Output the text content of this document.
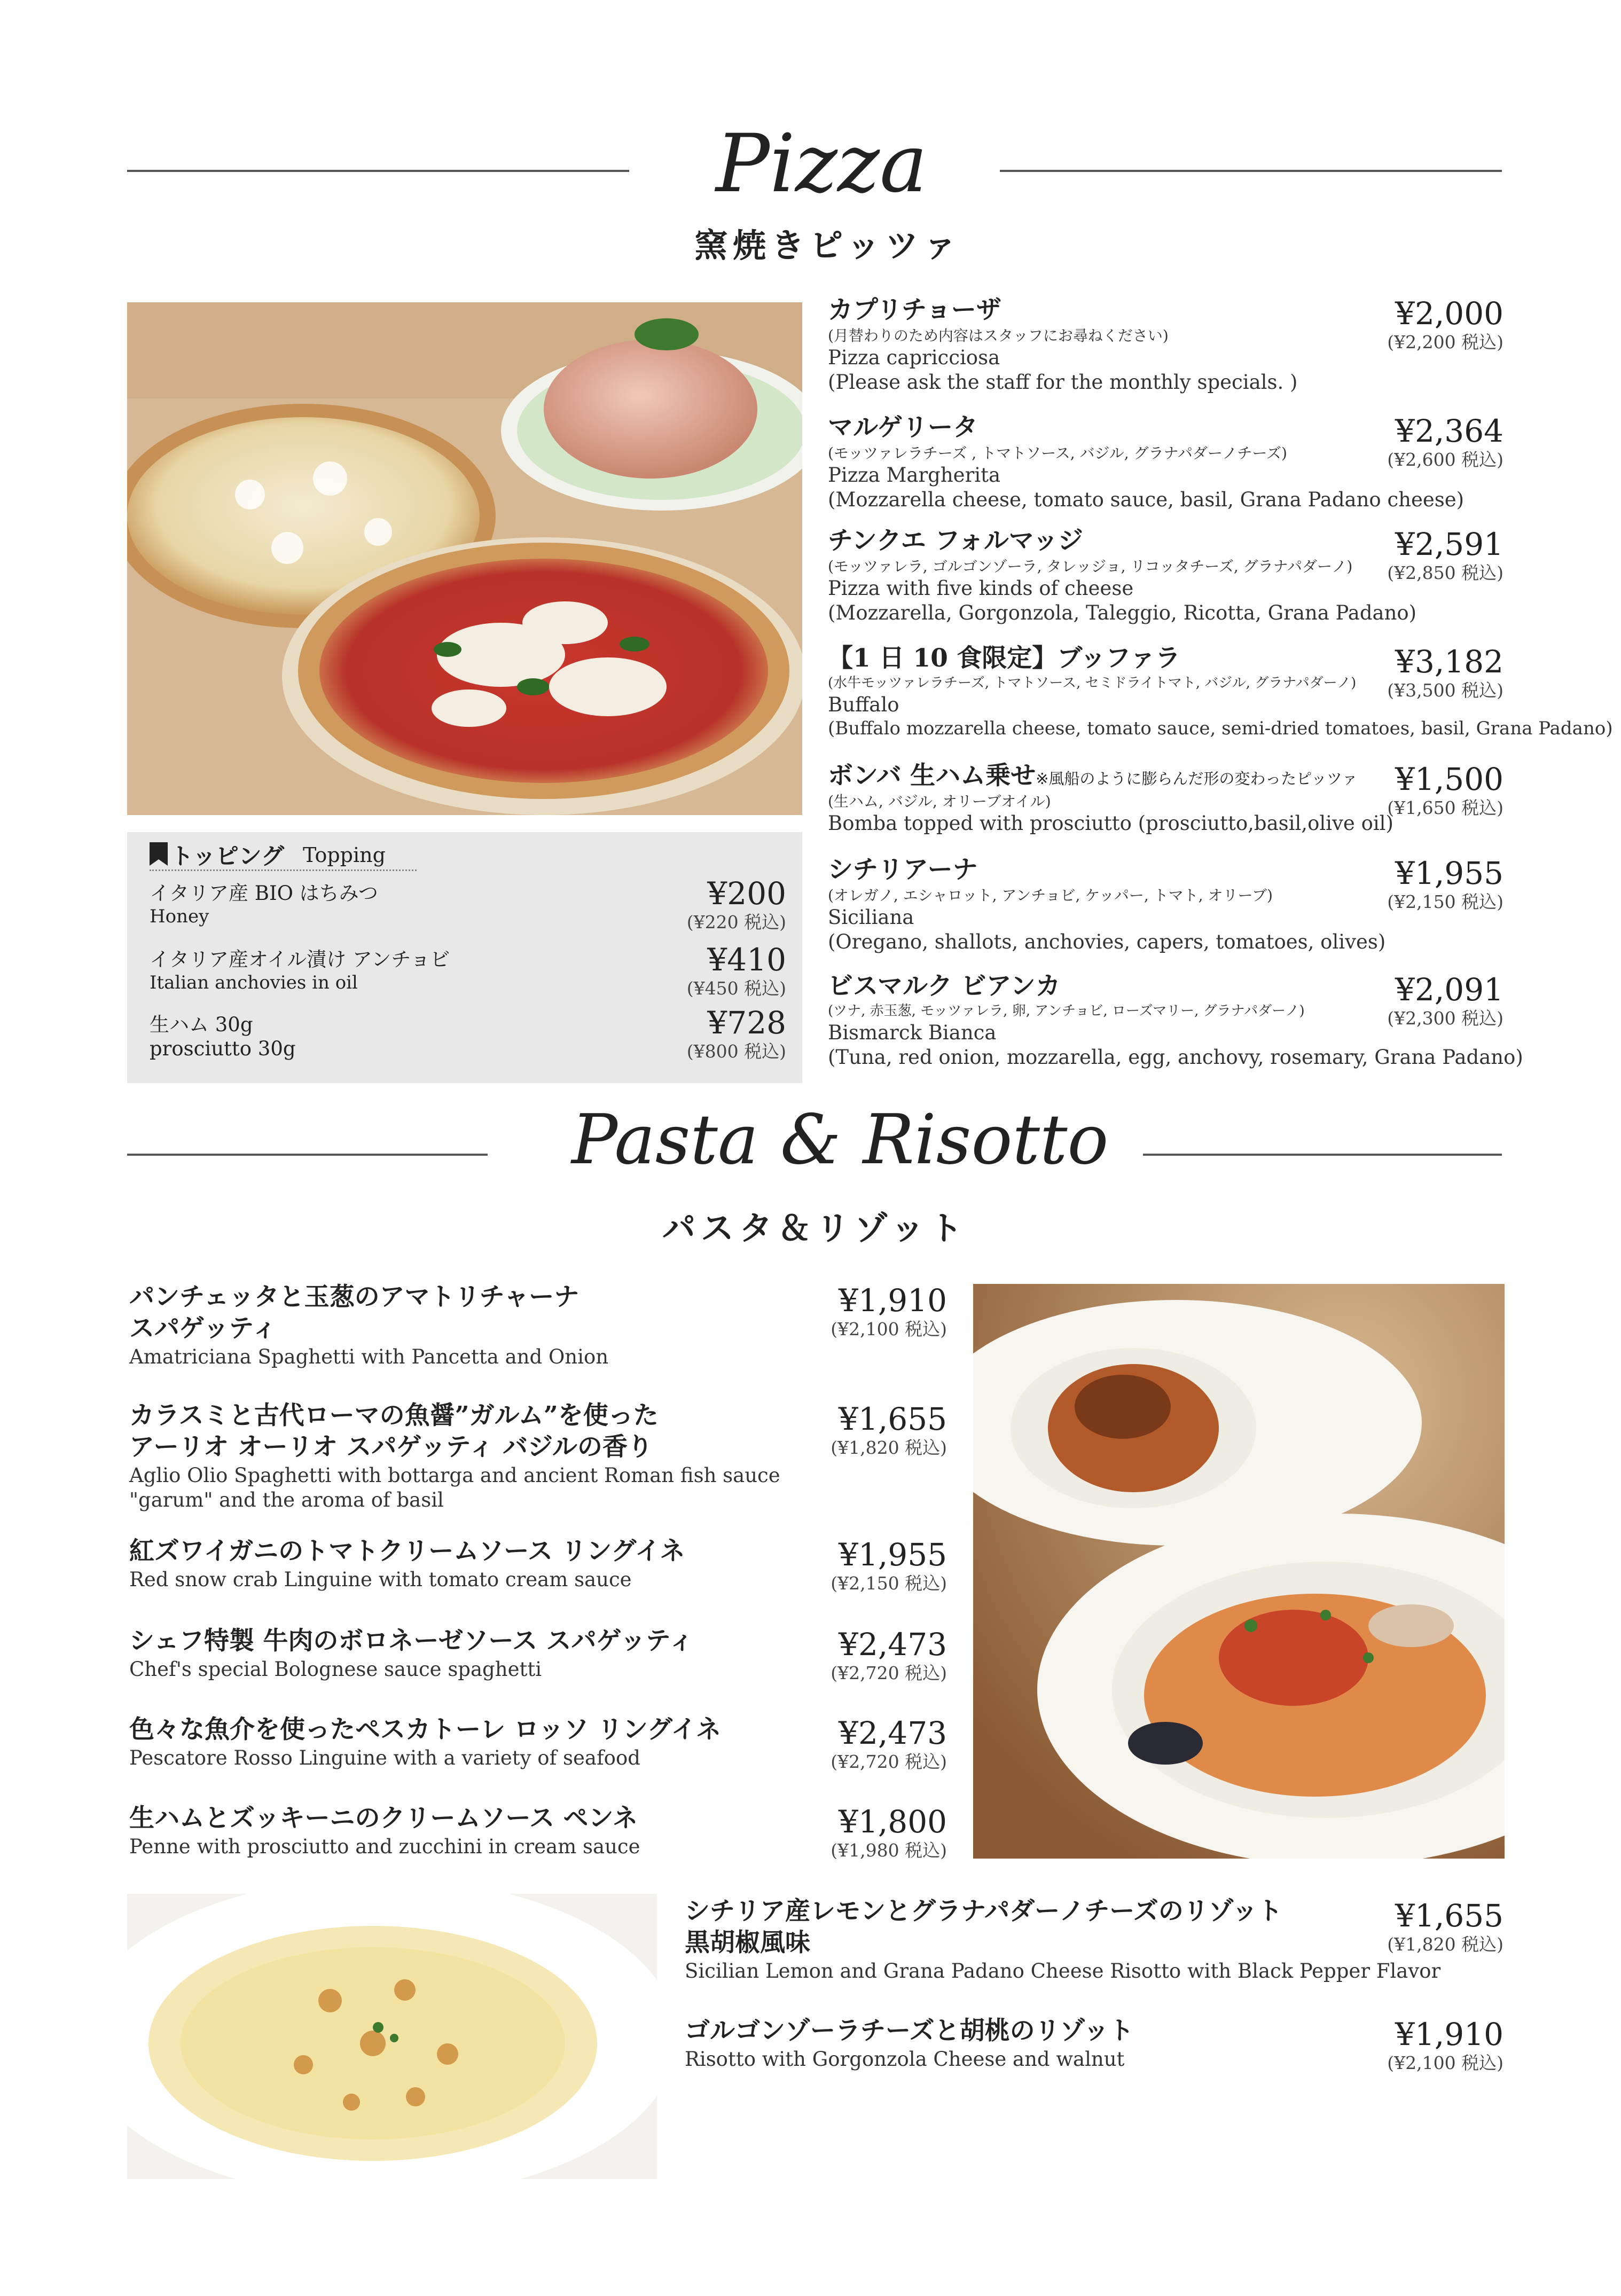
Pizza
窯焼きピッツァ
トッピング Topping
イタリア産 BIO はちみつ
Honey
¥200
(¥220 税込)
イタリア産オイル漬け アンチョビ
Italian anchovies in oil
¥410
(¥450 税込)
生ハム 30g
prosciutto 30g
¥728
(¥800 税込)
カプリチョーザ
(月替わりのため内容はスタッフにお尋ねください)
Pizza capricciosa
(Please ask the staff for the monthly specials. )
¥2,000
(¥2,200 税込)
マルゲリータ
(モッツァレラチーズ , トマトソース, バジル, グラナパダーノチーズ)
Pizza Margherita
(Mozzarella cheese, tomato sauce, basil, Grana Padano cheese)
¥2,364
(¥2,600 税込)
チンクエ フォルマッジ
(モッツァレラ, ゴルゴンゾーラ, タレッジョ, リコッタチーズ, グラナパダーノ)
Pizza with five kinds of cheese
(Mozzarella, Gorgonzola, Taleggio, Ricotta, Grana Padano)
¥2,591
(¥2,850 税込)
【1 日 10 食限定】ブッファラ
(水牛モッツァレラチーズ, トマトソース, セミドライトマト, バジル, グラナパダーノ)
Buffalo
(Buffalo mozzarella cheese, tomato sauce, semi-dried tomatoes, basil, Grana Padano)
¥3,182
(¥3,500 税込)
ボンバ 生ハム乗せ※風船のように膨らんだ形の変わったピッツァ
(生ハム, バジル, オリーブオイル)
Bomba topped with prosciutto (prosciutto,basil,olive oil)
¥1,500
(¥1,650 税込)
シチリアーナ
(オレガノ, エシャロット, アンチョビ, ケッパー, トマト, オリーブ)
Siciliana
(Oregano, shallots, anchovies, capers, tomatoes, olives)
¥1,955
(¥2,150 税込)
ビスマルク ビアンカ
(ツナ, 赤玉葱, モッツァレラ, 卵, アンチョビ, ローズマリー, グラナパダーノ)
Bismarck Bianca
(Tuna, red onion, mozzarella, egg, anchovy, rosemary, Grana Padano)
¥2,091
(¥2,300 税込)
Pasta & Risotto
パスタ＆リゾット
パンチェッタと玉葱のアマトリチャーナ
スパゲッティ
Amatriciana Spaghetti with Pancetta and Onion
¥1,910
(¥2,100 税込)
カラスミと古代ローマの魚醤”ガルム”を使った
アーリオ オーリオ スパゲッティ バジルの香り
Aglio Olio Spaghetti with bottarga and ancient Roman fish sauce
"garum" and the aroma of basil
¥1,655
(¥1,820 税込)
紅ズワイガニのトマトクリームソース リングイネ
Red snow crab Linguine with tomato cream sauce
¥1,955
(¥2,150 税込)
シェフ特製 牛肉のボロネーゼソース スパゲッティ
Chef's special Bolognese sauce spaghetti
¥2,473
(¥2,720 税込)
色々な魚介を使ったペスカトーレ ロッソ リングイネ
Pescatore Rosso Linguine with a variety of seafood
¥2,473
(¥2,720 税込)
生ハムとズッキーニのクリームソース ペンネ
Penne with prosciutto and zucchini in cream sauce
¥1,800
(¥1,980 税込)
シチリア産レモンとグラナパダーノチーズのリゾット
黒胡椒風味
Sicilian Lemon and Grana Padano Cheese Risotto with Black Pepper Flavor
¥1,655
(¥1,820 税込)
ゴルゴンゾーラチーズと胡桃のリゾット
Risotto with Gorgonzola Cheese and walnut
¥1,910
(¥2,100 税込)
